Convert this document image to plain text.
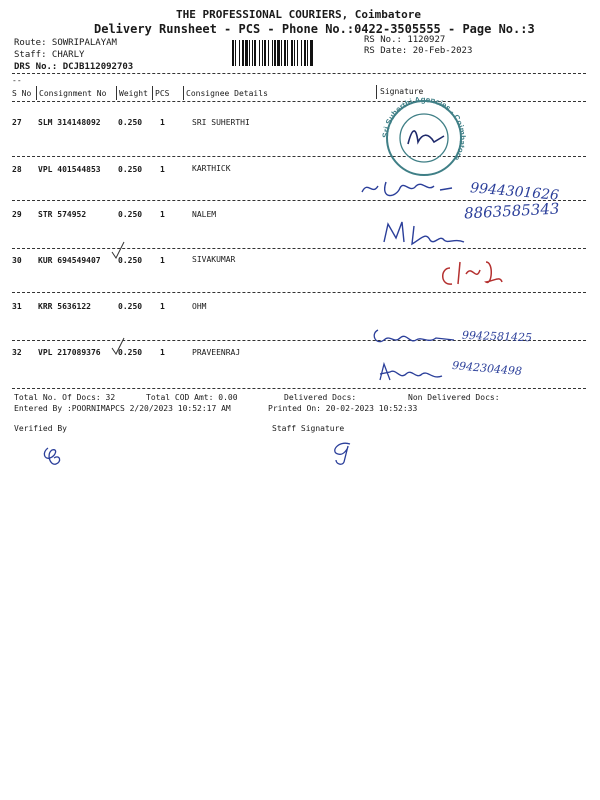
THE PROFESSIONAL COURIERS, Coimbatore
Delivery Runsheet - PCS - Phone No.:0422-3505555 - Page No.:3
Route: SOWRIPALAYAM
Staff: CHARLY
DRS No.: DCJB112092703
RS No.: 1120927
RS Date: 20-Feb-2023
--
S No Consignment No Weight PCS Consignee Details	Signature
27 SLM 314148092 0.250 1	SRI SUHERTHI
28 VPL 401544853 0.250 1	KARTHICK
29 STR 574952	0.250 1	NALEM
30 KUR 694549407 0.250 1	SIVAKUMAR
31 KRR 5636122	0.250 1	OHM
32 VPL 217089376 0.250 1	PRAVEENRAJ
Sri Suherthi Agencies - Coimbatore
9944301626
8863585343
9942581425
9942304498
Total No. Of Docs: 32	Total COD Amt: 0.00	Delivered Docs:	Non Delivered Docs:
Entered By :POORNIMAPCS 2/20/2023 10:52:17 AM	Printed On: 20-02-2023 10:52:33
Verified By	Staff Signature
